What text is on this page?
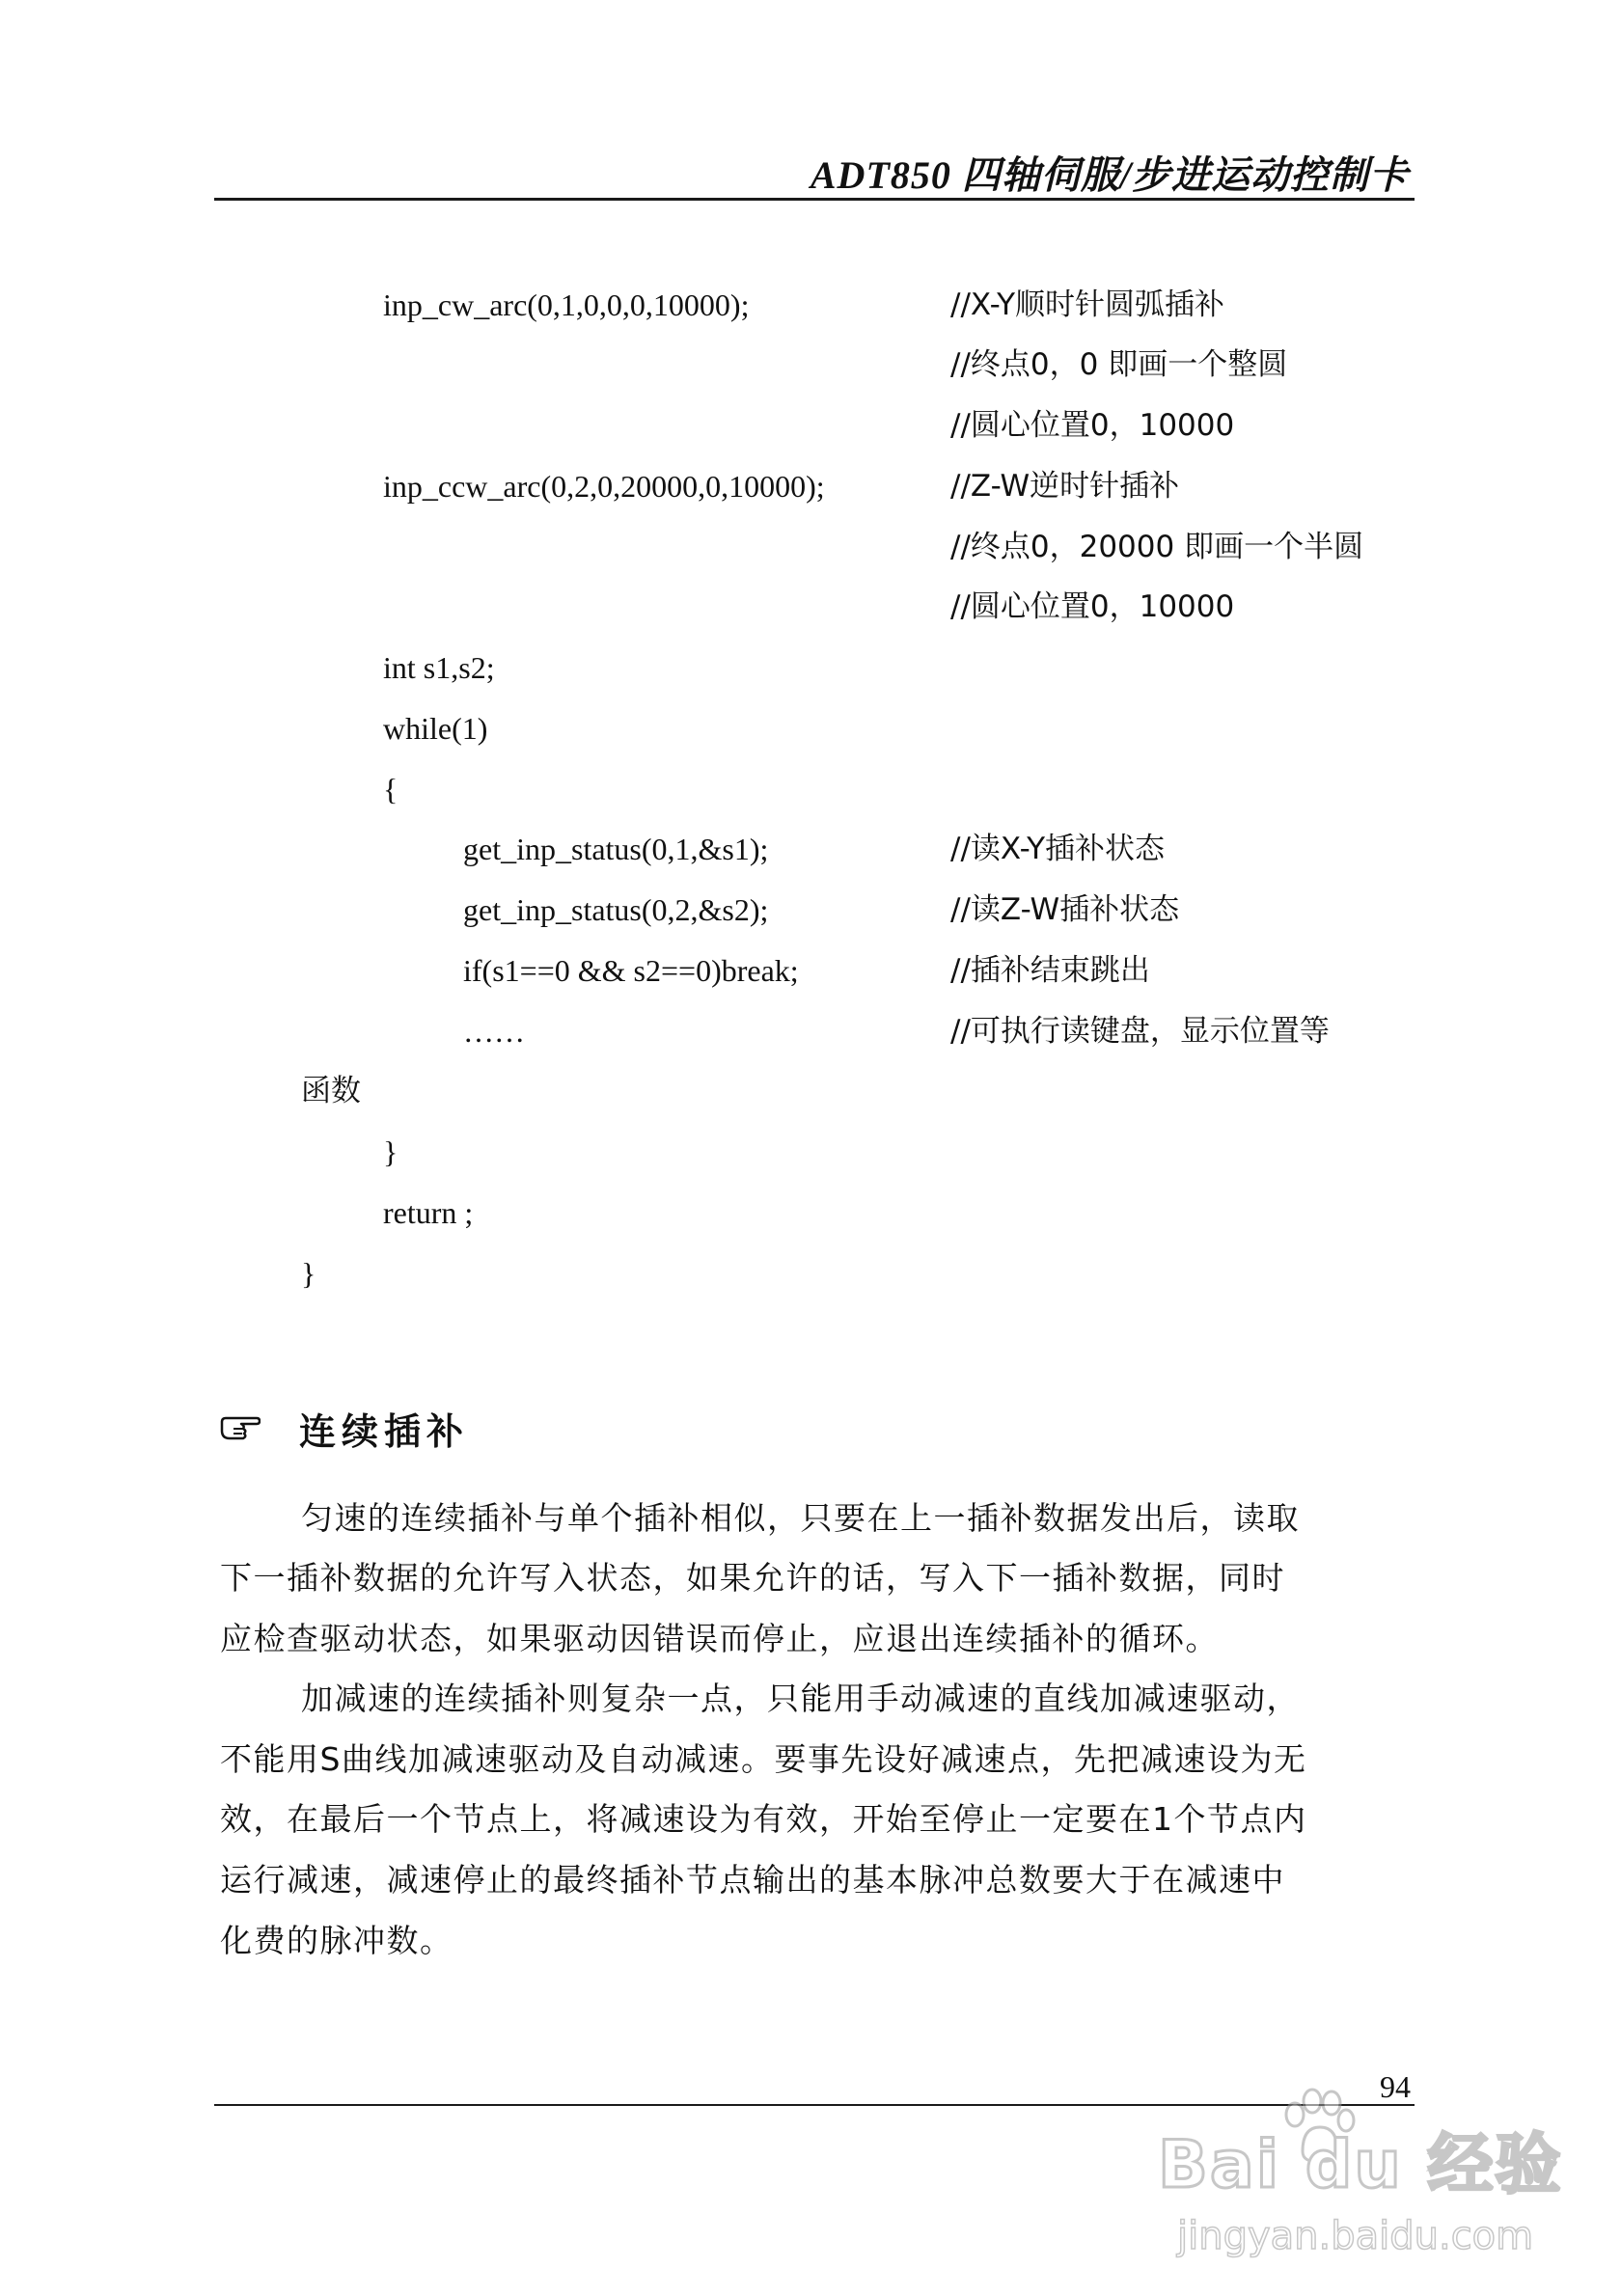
ADT850 四轴伺服/步进运动控制卡
inp_cw_arc(0,1,0,0,0,10000);	//X-Y顺时针圆弧插补
//终点0，0 即画一个整圆
//圆心位置0，10000
inp_ccw_arc(0,2,0,20000,0,10000);	//Z-W逆时针插补
//终点0，20000 即画一个半圆
//圆心位置0，10000
int s1,s2;
while(1)
{
get_inp_status(0,1,&s1);	//读X-Y插补状态
get_inp_status(0,2,&s2);	//读Z-W插补状态
if(s1==0 && s2==0)break;	//插补结束跳出
……	//可执行读键盘，显示位置等
函数
}
return ;
}
连续插补
匀速的连续插补与单个插补相似，只要在上一插补数据发出后，读取
下一插补数据的允许写入状态，如果允许的话，写入下一插补数据，同时
应检查驱动状态，如果驱动因错误而停止，应退出连续插补的循环。
加减速的连续插补则复杂一点，只能用手动减速的直线加减速驱动，
不能用S曲线加减速驱动及自动减速。要事先设好减速点，先把减速设为无
效，在最后一个节点上，将减速设为有效，开始至停止一定要在1个节点内
运行减速，减速停止的最终插补节点输出的基本脉冲总数要大于在减速中
化费的脉冲数。
94
Bai du 经验
jingyan.baidu.com
